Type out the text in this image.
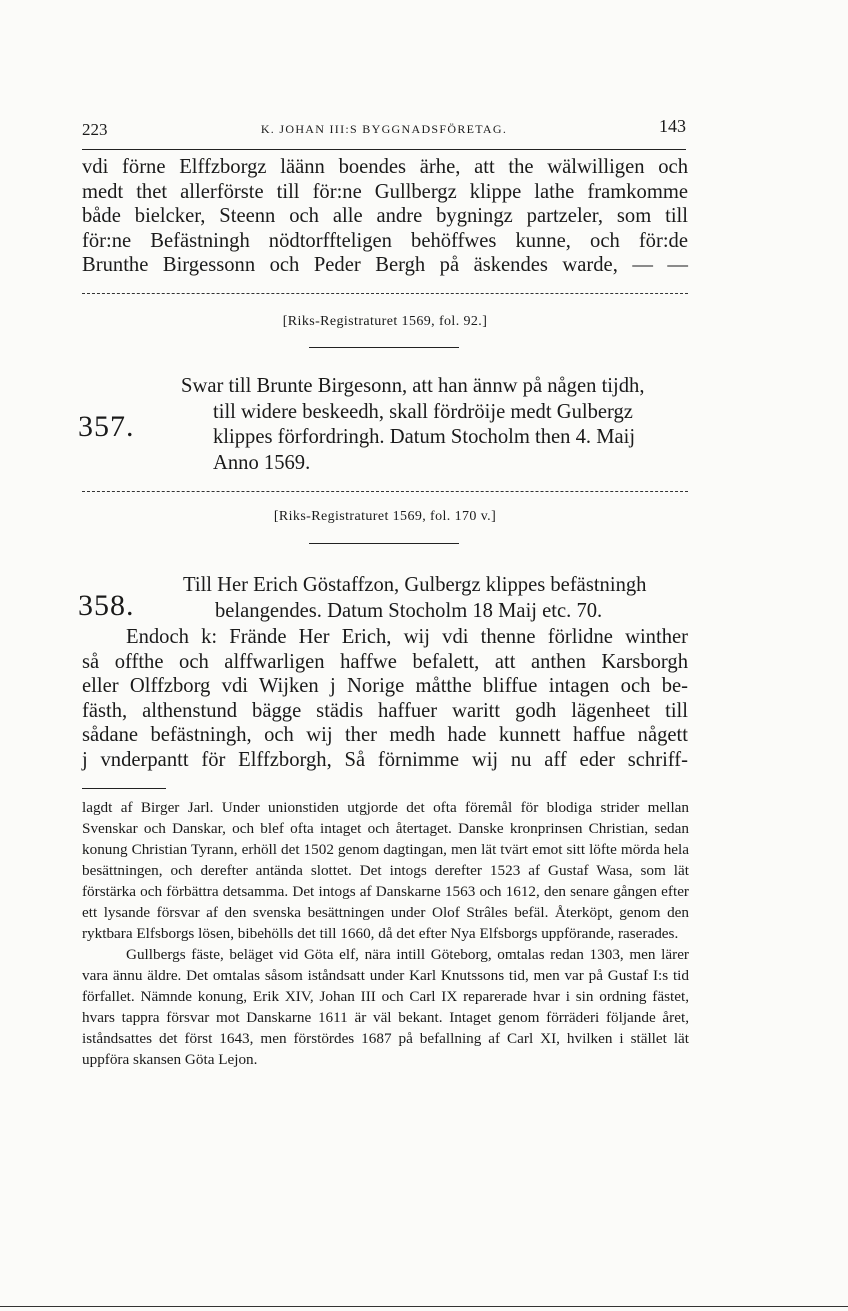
223	K. JOHAN III:S BYGGNADSFÖRETAG.	143
vdi förne Elffzborgz läänn boendes ärhe, att the wälwilligen och
medt thet allerförste till för:ne Gullbergz klippe lathe framkomme
både bielcker, Steenn och alle andre bygningz partzeler, som till
för:ne Befästningh nödtorffteligen behöffwes kunne, och för:de
Brunthe Birgessonn och Peder Bergh på äskendes warde, — —
[Riks-Registraturet 1569, fol. 92.]
357.
Swar till Brunte Birgesonn, att han ännw på någen tijdh,
till widere beskeedh, skall fördröije medt Gulbergz
klippes förfordringh. Datum Stocholm then 4. Maij
Anno 1569.
[Riks-Registraturet 1569, fol. 170 v.]
358.
Till Her Erich Göstaffzon, Gulbergz klippes befästningh
belangendes. Datum Stocholm 18 Maij etc. 70.
Endoch k: Frände Her Erich, wij vdi thenne förlidne winther
så offthe och alffwarligen haffwe befalett, att anthen Karsborgh
eller Olffzborg vdi Wijken j Norige måtthe bliffue intagen och be-
fästh, althenstund bägge städis haffuer waritt godh lägenheet till
sådane befästningh, och wij ther medh hade kunnett haffue någett
j vnderpantt för Elffzborgh, Så förnimme wij nu aff eder schriff-

lagdt af Birger Jarl. Under unionstiden utgjorde det ofta föremål för blodiga strider mellan Svenskar och Danskar, och blef ofta intaget och återtaget. Danske kronprinsen Christian, sedan konung Christian Tyrann, erhöll det 1502 genom dagtingan, men lät tvärt emot sitt löfte mörda hela besättningen, och derefter antända slottet. Det intogs derefter 1523 af Gustaf Wasa, som lät förstärka och förbättra detsamma. Det intogs af Danskarne 1563 och 1612, den senare gången efter ett lysande försvar af den svenska besättningen under Olof Strâles befäl. Återköpt, genom den ryktbara Elfsborgs lösen, bibehölls det till 1660, då det efter Nya Elfsborgs uppförande, raserades.

Gullbergs fäste, beläget vid Göta elf, nära intill Göteborg, omtalas redan 1303, men lärer vara ännu äldre. Det omtalas såsom iståndsatt under Karl Knutssons tid, men var på Gustaf I:s tid förfallet. Nämnde konung, Erik XIV, Johan III och Carl IX reparerade hvar i sin ordning fästet, hvars tappra försvar mot Danskarne 1611 är väl bekant. Intaget genom förräderi följande året, iståndsattes det först 1643, men förstördes 1687 på befallning af Carl XI, hvilken i stället lät uppföra skansen Göta Lejon.
